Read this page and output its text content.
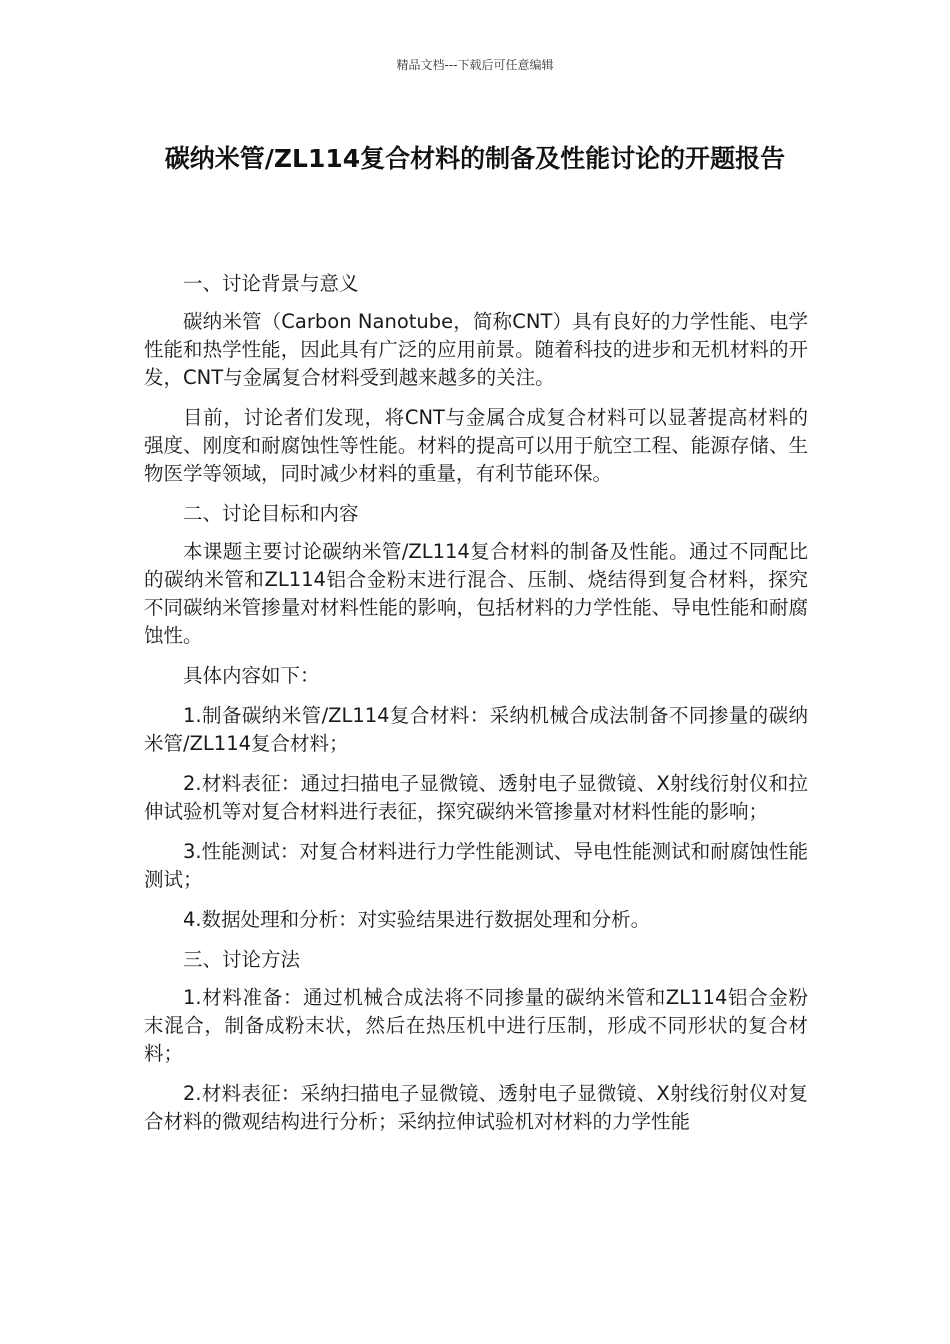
精品文档---下载后可任意编辑
碳纳米管/ZL114复合材料的制备及性能讨论的开题报告

一、讨论背景与意义

碳纳米管（Carbon Nanotube，简称CNT）具有良好的力学性能、电学性能和热学性能，因此具有广泛的应用前景。随着科技的进步和无机材料的开发，CNT与金属复合材料受到越来越多的关注。

目前，讨论者们发现，将CNT与金属合成复合材料可以显著提高材料的强度、刚度和耐腐蚀性等性能。材料的提高可以用于航空工程、能源存储、生物医学等领域，同时减少材料的重量，有利节能环保。

二、讨论目标和内容

本课题主要讨论碳纳米管/ZL114复合材料的制备及性能。通过不同配比的碳纳米管和ZL114铝合金粉末进行混合、压制、烧结得到复合材料，探究不同碳纳米管掺量对材料性能的影响，包括材料的力学性能、导电性能和耐腐蚀性。

具体内容如下：

1.制备碳纳米管/ZL114复合材料：采纳机械合成法制备不同掺量的碳纳米管/ZL114复合材料；

2.材料表征：通过扫描电子显微镜、透射电子显微镜、X射线衍射仪和拉伸试验机等对复合材料进行表征，探究碳纳米管掺量对材料性能的影响；

3.性能测试：对复合材料进行力学性能测试、导电性能测试和耐腐蚀性能测试；

4.数据处理和分析：对实验结果进行数据处理和分析。

三、讨论方法

1.材料准备：通过机械合成法将不同掺量的碳纳米管和ZL114铝合金粉末混合，制备成粉末状，然后在热压机中进行压制，形成不同形状的复合材料；

2.材料表征：采纳扫描电子显微镜、透射电子显微镜、X射线衍射仪对复合材料的微观结构进行分析；采纳拉伸试验机对材料的力学性能
